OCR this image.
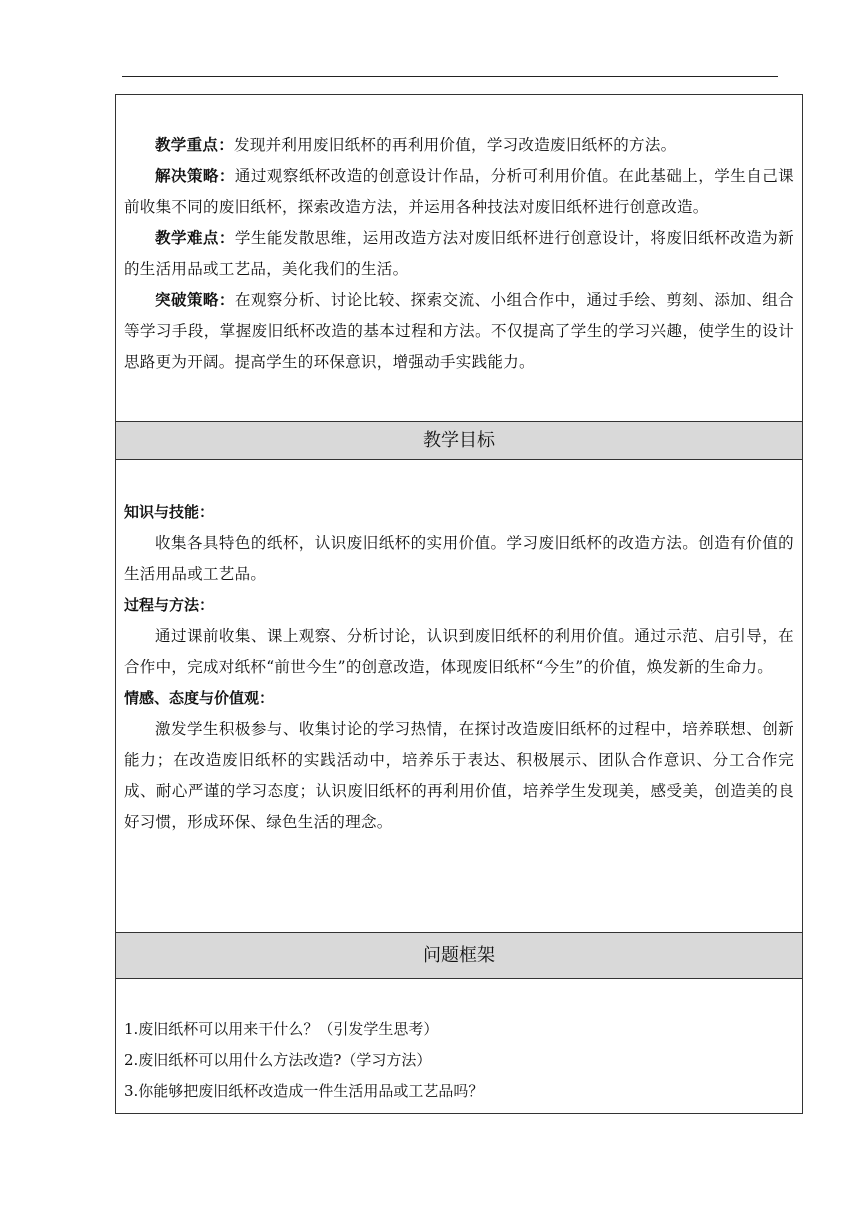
教学重点：发现并利用废旧纸杯的再利用价值，学习改造废旧纸杯的方法。

解决策略：通过观察纸杯改造的创意设计作品，分析可利用价值。在此基础上，学生自己课前收集不同的废旧纸杯，探索改造方法，并运用各种技法对废旧纸杯进行创意改造。

教学难点：学生能发散思维，运用改造方法对废旧纸杯进行创意设计，将废旧纸杯改造为新的生活用品或工艺品，美化我们的生活。

突破策略：在观察分析、讨论比较、探索交流、小组合作中，通过手绘、剪刻、添加、组合等学习手段，掌握废旧纸杯改造的基本过程和方法。不仅提高了学生的学习兴趣，使学生的设计思路更为开阔。提高学生的环保意识，增强动手实践能力。

教学目标

知识与技能：

收集各具特色的纸杯，认识废旧纸杯的实用价值。学习废旧纸杯的改造方法。创造有价值的生活用品或工艺品。

过程与方法：

通过课前收集、课上观察、分析讨论，认识到废旧纸杯的利用价值。通过示范、启引导，在合作中，完成对纸杯“前世今生”的创意改造，体现废旧纸杯“今生”的价值，焕发新的生命力。

情感、态度与价值观：

激发学生积极参与、收集讨论的学习热情，在探讨改造废旧纸杯的过程中，培养联想、创新能力；在改造废旧纸杯的实践活动中，培养乐于表达、积极展示、团队合作意识、分工合作完成、耐心严谨的学习态度；认识废旧纸杯的再利用价值，培养学生发现美，感受美，创造美的良好习惯，形成环保、绿色生活的理念。

问题框架

1.废旧纸杯可以用来干什么？（引发学生思考）

2.废旧纸杯可以用什么方法改造?（学习方法）

3.你能够把废旧纸杯改造成一件生活用品或工艺品吗？
